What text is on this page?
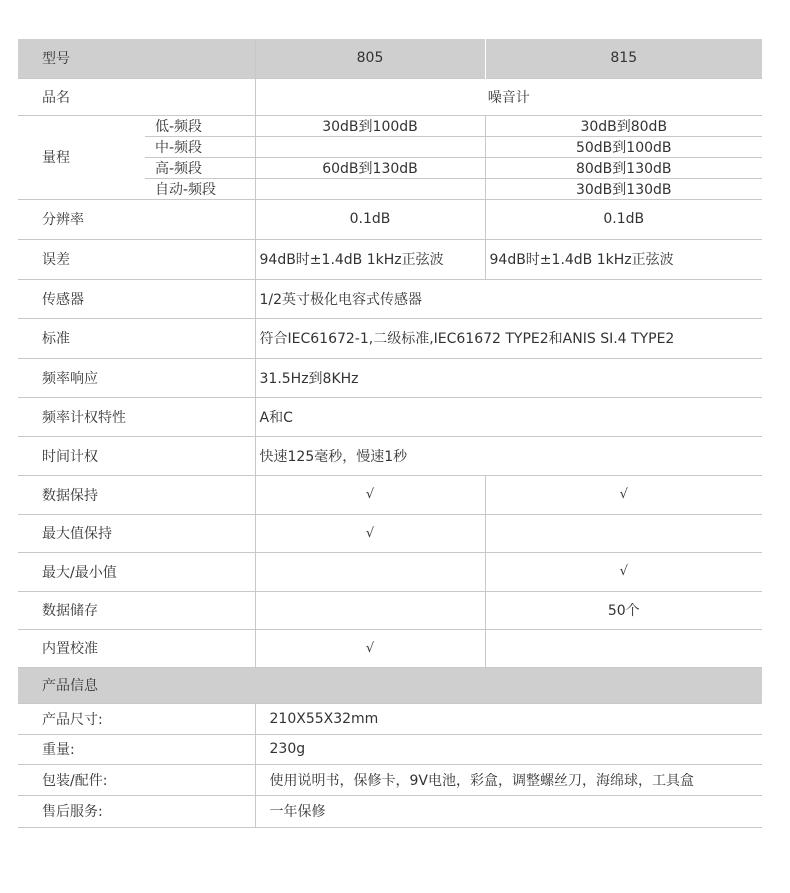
型号		805	815
品名		噪音计	
量程	低-频段	30dB到100dB	30dB到80dB
	中-频段		50dB到100dB
	高-频段	60dB到130dB	80dB到130dB
	自动-频段		30dB到130dB
分辨率		0.1dB	0.1dB
误差		94dB时±1.4dB 1kHz正弦波	94dB时±1.4dB 1kHz正弦波
传感器		1/2英寸极化电容式传感器	
标准		符合IEC61672-1,二级标准,IEC61672 TYPE2和ANIS SI.4 TYPE2	
频率响应		31.5Hz到8KHz	
频率计权特性		A和C	
时间计权		快速125毫秒，慢速1秒	
数据保持		√	√
最大值保持		√	
最大/最小值			√
数据储存			50个
内置校准		√	
产品信息			
产品尺寸:		210X55X32mm	
重量:		230g	
包装/配件:		使用说明书，保修卡，9V电池，彩盒，调整螺丝刀，海绵球，工具盒	
售后服务:		一年保修	
